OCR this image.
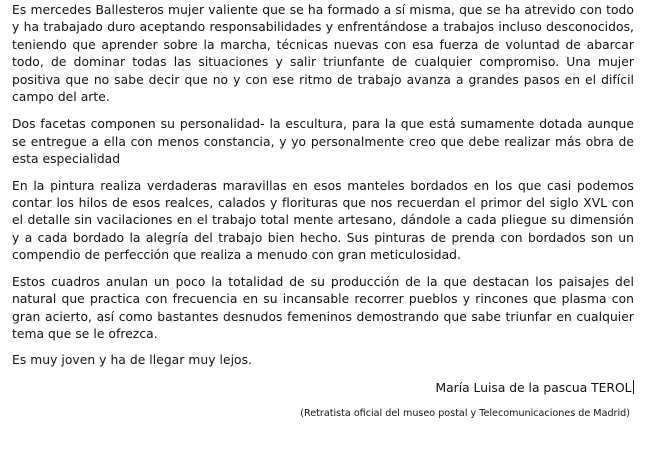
Es mercedes Ballesteros mujer valiente que se ha formado a sí misma, que se ha atrevido con todo y ha trabajado duro aceptando responsabilidades y enfrentándose a trabajos incluso desconocidos, teniendo que aprender sobre la marcha, técnicas nuevas con esa fuerza de voluntad de abarcar todo, de dominar todas las situaciones y salir triunfante de cualquier compromiso. Una mujer positiva que no sabe decir que no y con ese ritmo de trabajo avanza a grandes pasos en el difícil campo del arte.

Dos facetas componen su personalidad- la escultura, para la que está sumamente dotada aunque se entregue a ella con menos constancia, y yo personalmente creo que debe realizar más obra de esta especialidad

En la pintura realiza verdaderas maravillas en esos manteles bordados en los que casi podemos contar los hilos de esos realces, calados y florituras que nos recuerdan el primor del siglo XVL con el detalle sin vacilaciones en el trabajo total mente artesano, dándole a cada pliegue su dimensión y a cada bordado la alegría del trabajo bien hecho. Sus pinturas de prenda con bordados son un compendio de perfección que realiza a menudo con gran meticulosidad.

Estos cuadros anulan un poco la totalidad de su producción de la que destacan los paisajes del natural que practica con frecuencia en su incansable recorrer pueblos y rincones que plasma con gran acierto, así como bastantes desnudos femeninos demostrando que sabe triunfar en cualquier tema que se le ofrezca.

Es muy joven y ha de llegar muy lejos.

María Luisa de la pascua TEROL

(Retratista oficial del museo postal y Telecomunicaciones de Madrid)
